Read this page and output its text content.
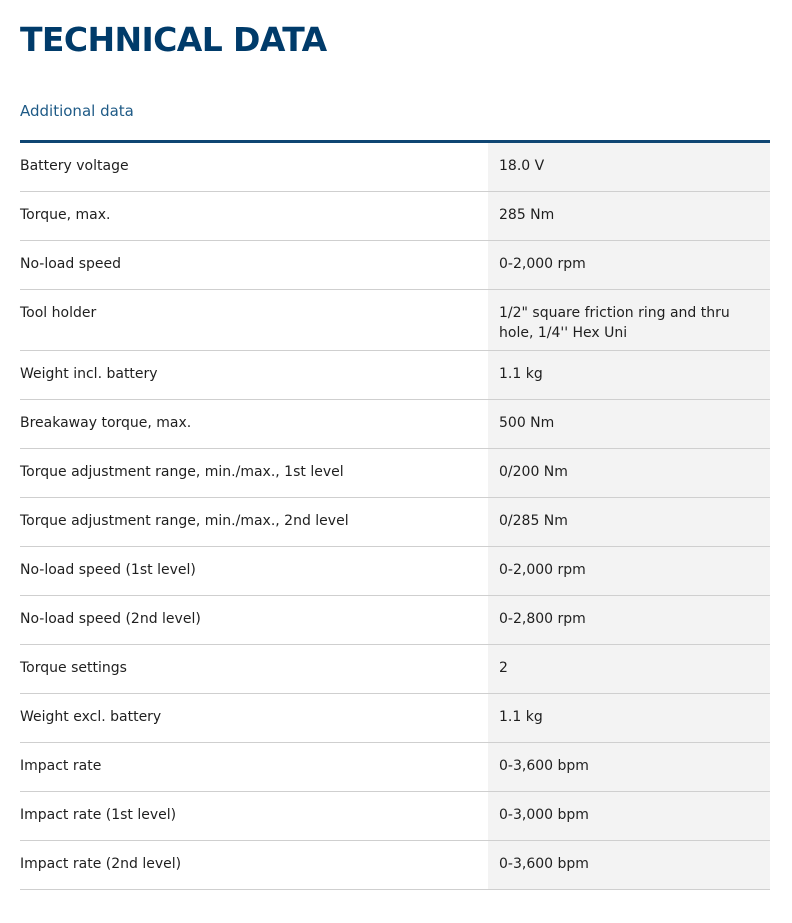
TECHNICAL DATA
Additional data
Battery voltage	18.0 V
Torque, max.	285 Nm
No-load speed	0-2,000 rpm
Tool holder	1/2" square friction ring and thru hole, 1/4'' Hex Uni
Weight incl. battery	1.1 kg
Breakaway torque, max.	500 Nm
Torque adjustment range, min./max., 1st level	0/200 Nm
Torque adjustment range, min./max., 2nd level	0/285 Nm
No-load speed (1st level)	0-2,000 rpm
No-load speed (2nd level)	0-2,800 rpm
Torque settings	2
Weight excl. battery	1.1 kg
Impact rate	0-3,600 bpm
Impact rate (1st level)	0-3,000 bpm
Impact rate (2nd level)	0-3,600 bpm
